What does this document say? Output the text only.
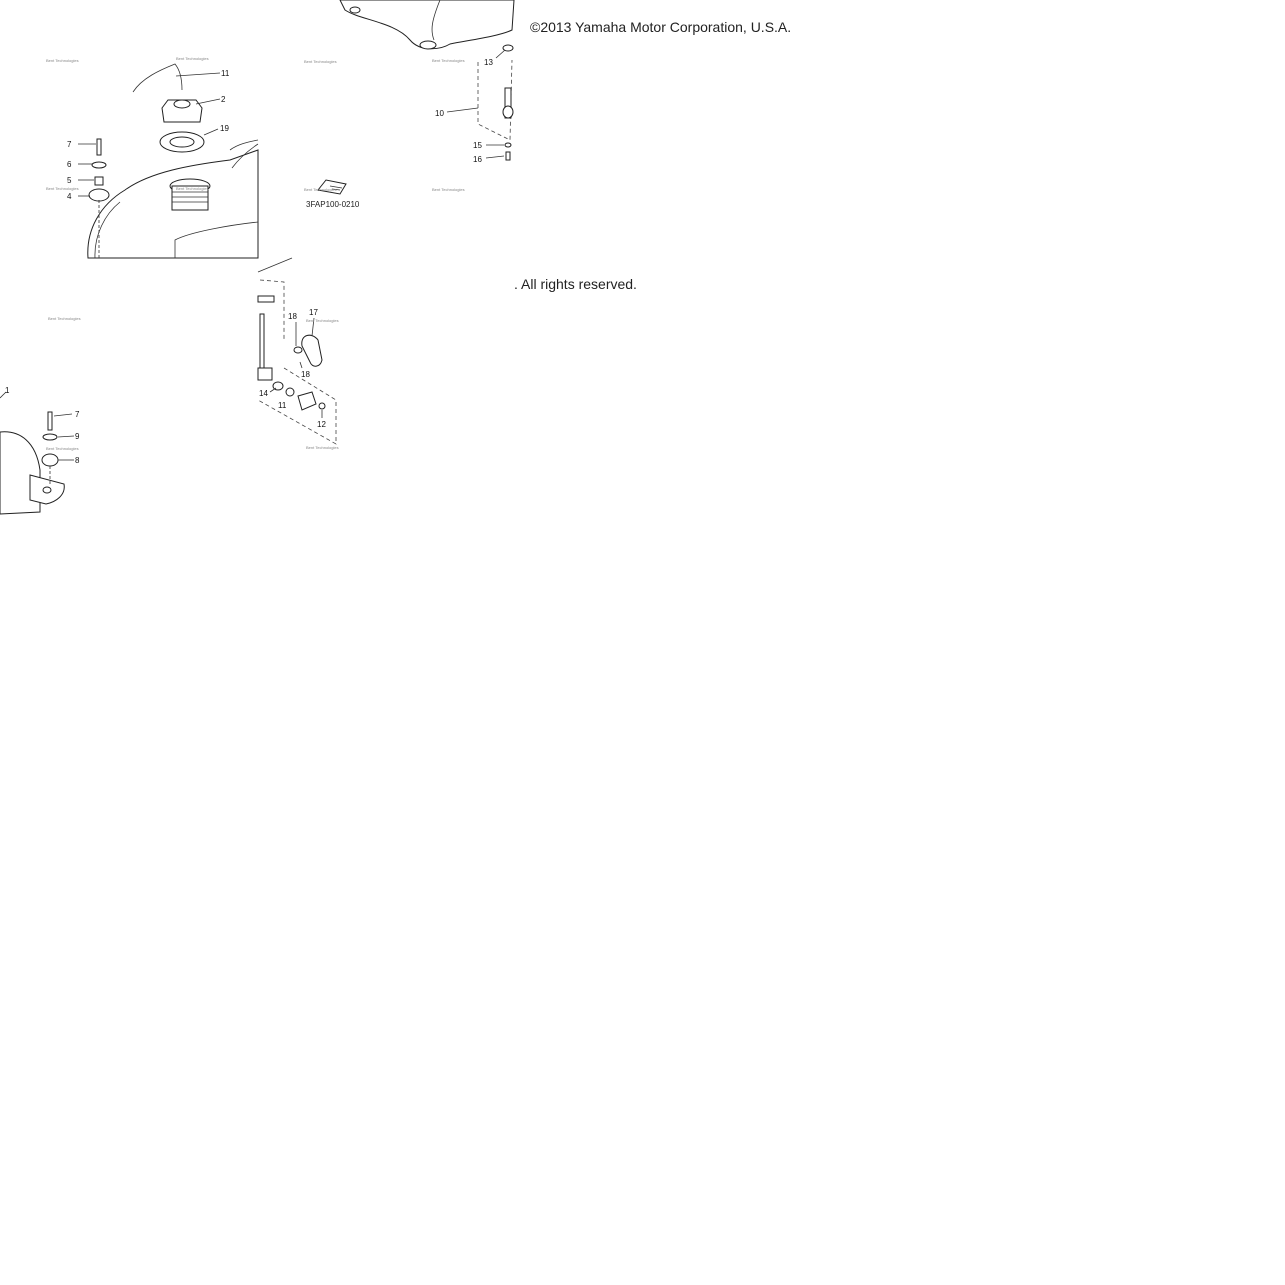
11
2
19
7
6
5
4
13
10
15
16
17
18
18
14
11
12
7
9
8
1
Bent Technologies	Bent Technologies
Bent Technologies	Bent Technologies
Bent Technologies	Bent Technologies	Bent Technologies	Bent Technologies
Bent Technologies	Bent Technologies
Bent Technologies	Bent Technologies
©2013 Yamaha Motor Corporation, U.S.A.
3FAP100-0210
. All rights reserved.
